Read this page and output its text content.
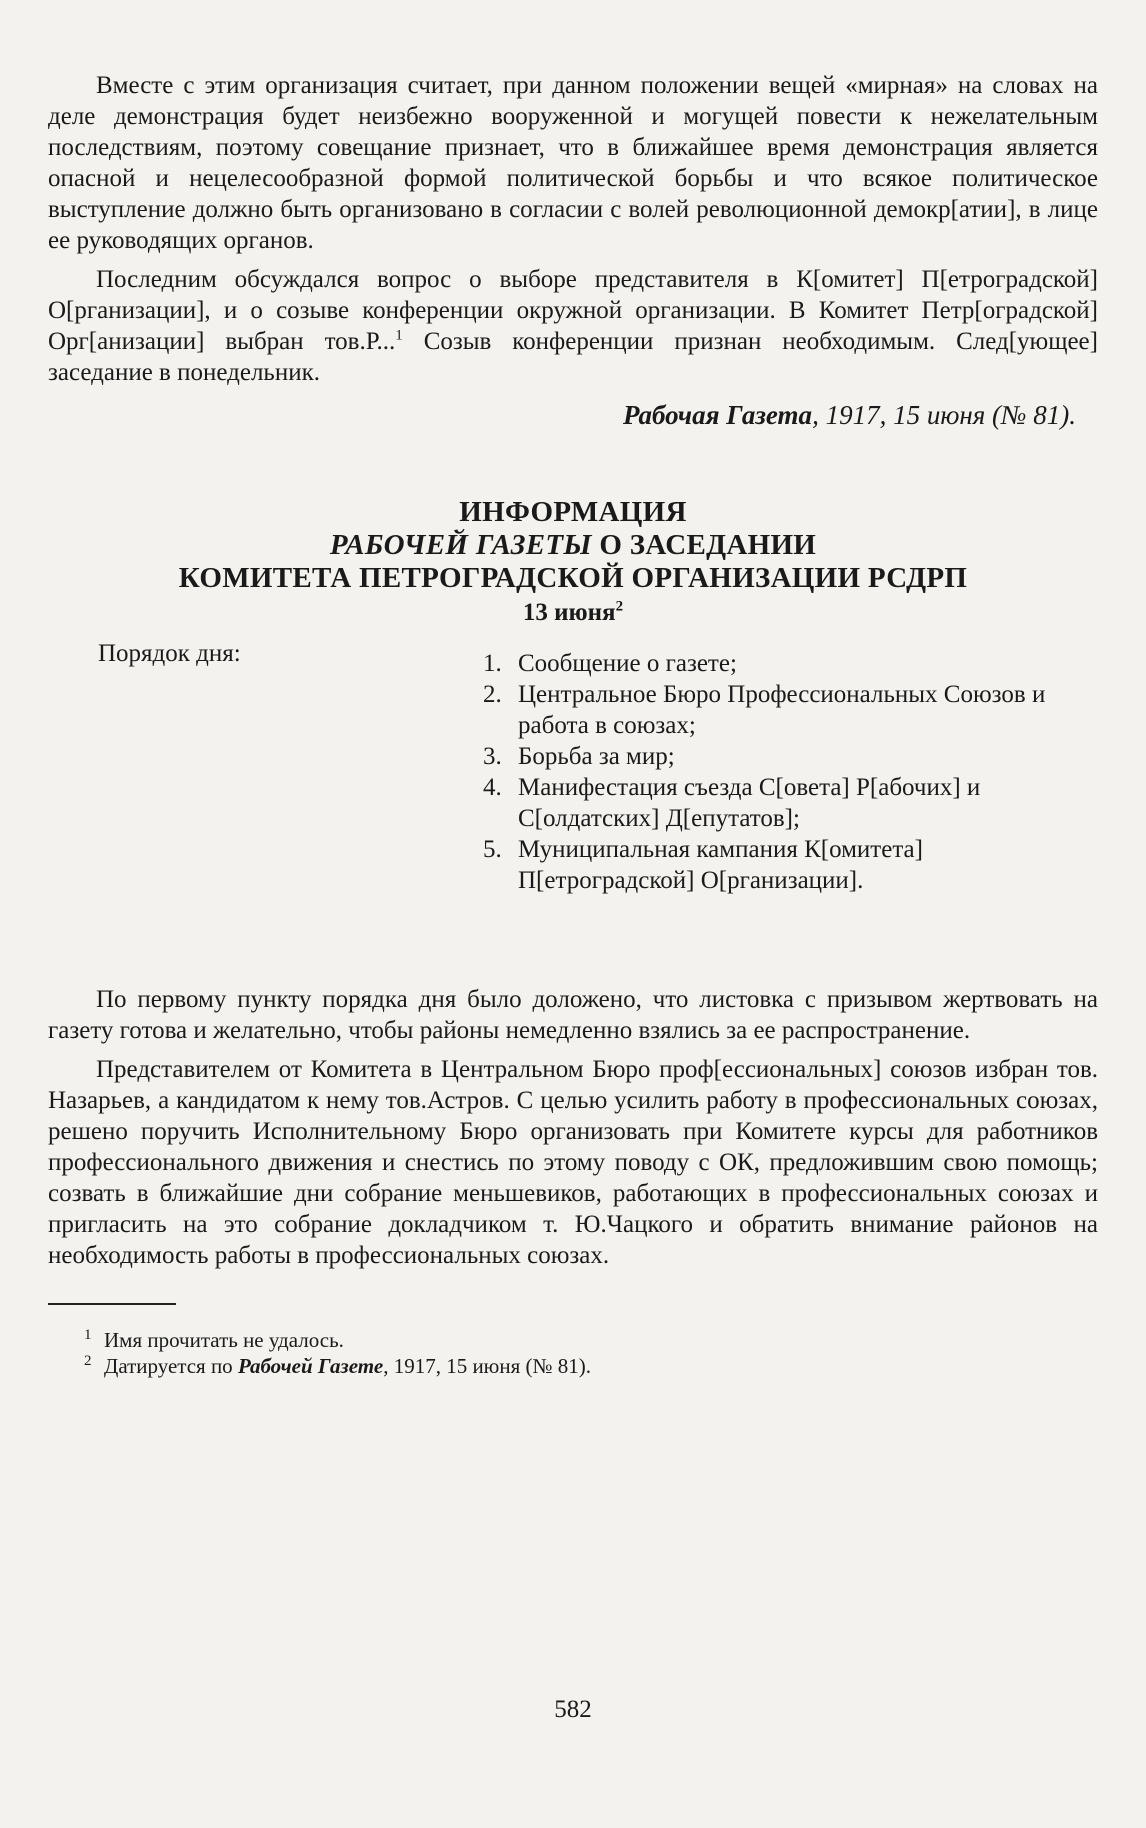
Вместе с этим организация считает, при данном положении вещей «мирная» на словах на деле демонстрация будет неизбежно вооруженной и могущей повести к нежелательным последствиям, поэтому совещание признает, что в ближайшее время демонстрация является опасной и нецелесообразной формой политической борьбы и что всякое политическое выступление должно быть организовано в согласии с волей революционной демокр[атии], в лице ее руководящих органов.

Последним обсуждался вопрос о выборе представителя в К[омитет] П[етроградской] О[рганизации], и о созыве конференции окружной организации. В Комитет Петр[оградской] Орг[анизации] выбран тов.Р...$^1$ Созыв конференции признан необходимым. След[ующее] заседание в понедельник.

Рабочая Газета, 1917, 15 июня (№ 81).
ИНФОРМАЦИЯ
РАБОЧЕЙ ГАЗЕТЫ О ЗАСЕДАНИИ
КОМИТЕТА ПЕТРОГРАДСКОЙ ОРГАНИЗАЦИИ РСДРП
13 июня$^2$
Порядок дня:	1. Сообщение о газете;
2. Центральное Бюро Профессиональных Союзов и работа в союзах;
3. Борьба за мир;
4. Манифестация съезда С[овета] Р[абочих] и С[олдатских] Д[епутатов];
5. Муниципальная кампания К[омитета] П[етроградской] О[рганизации].

По первому пункту порядка дня было доложено, что листовка с призывом жертвовать на газету готова и желательно, чтобы районы немедленно взялись за ее распространение.

Представителем от Комитета в Центральном Бюро проф[ессиональных] союзов избран тов. Назарьев, а кандидатом к нему тов.Астров. С целью усилить работу в профессиональных союзах, решено поручить Исполнительному Бюро организовать при Комитете курсы для работников профессионального движения и снестись по этому поводу с ОК, предложившим свою помощь; созвать в ближайшие дни собрание меньшевиков, работающих в профессиональных союзах и пригласить на это собрание докладчиком т. Ю.Чацкого и обратить внимание районов на необходимость работы в профессиональных союзах.

1 Имя прочитать не удалось.
2 Датируется по Рабочей Газете, 1917, 15 июня (№ 81).
582
